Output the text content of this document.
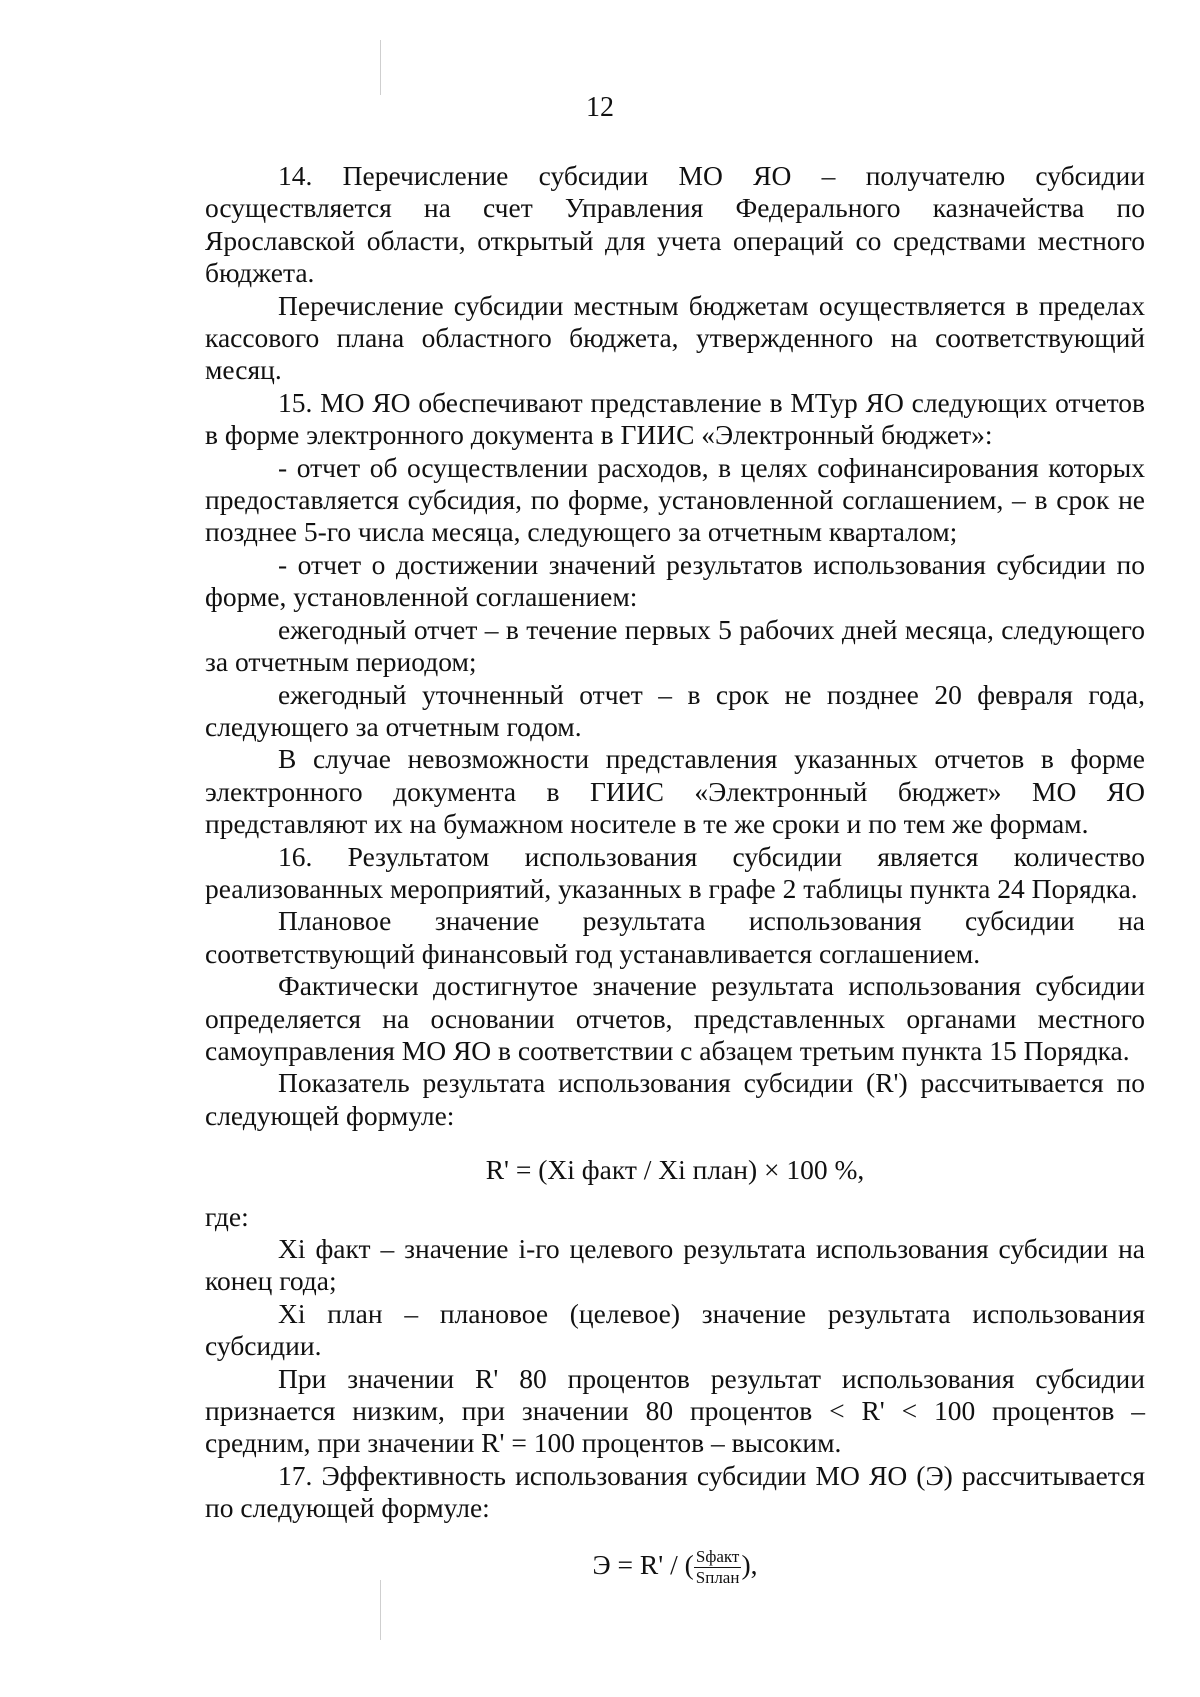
12

14. Перечисление субсидии МО ЯО – получателю субсидии осуществляется на счет Управления Федерального казначейства по Ярославской области, открытый для учета операций со средствами местного бюджета.

Перечисление субсидии местным бюджетам осуществляется в пределах кассового плана областного бюджета, утвержденного на соответствующий месяц.

15. МО ЯО обеспечивают представление в МТур ЯО следующих отчетов в форме электронного документа в ГИИС «Электронный бюджет»:

- отчет об осуществлении расходов, в целях софинансирования которых предоставляется субсидия, по форме, установленной соглашением, – в срок не позднее 5-го числа месяца, следующего за отчетным кварталом;

- отчет о достижении значений результатов использования субсидии по форме, установленной соглашением:

ежегодный отчет – в течение первых 5 рабочих дней месяца, следующего за отчетным периодом;

ежегодный уточненный отчет – в срок не позднее 20 февраля года, следующего за отчетным годом.

В случае невозможности представления указанных отчетов в форме электронного документа в ГИИС «Электронный бюджет» МО ЯО представляют их на бумажном носителе в те же сроки и по тем же формам.

16. Результатом использования субсидии является количество реализованных мероприятий, указанных в графе 2 таблицы пункта 24 Порядка.

Плановое значение результата использования субсидии на соответствующий финансовый год устанавливается соглашением.

Фактически достигнутое значение результата использования субсидии определяется на основании отчетов, представленных органами местного самоуправления МО ЯО в соответствии с абзацем третьим пункта 15 Порядка.

Показатель результата использования субсидии (R') рассчитывается по следующей формуле:

R' = (Xi факт / Xi план) × 100 %,

где:

Xi факт – значение i-го целевого результата использования субсидии на конец года;

Xi план – плановое (целевое) значение результата использования субсидии.

При значении R' 80 процентов результат использования субсидии признается низким, при значении 80 процентов < R' < 100 процентов – средним, при значении R' = 100 процентов – высоким.

17. Эффективность использования субсидии МО ЯО (Э) рассчитывается по следующей формуле:

Э = R' / ( $\frac{\text{Sфакт}}{\text{Sплан}}$ ),
